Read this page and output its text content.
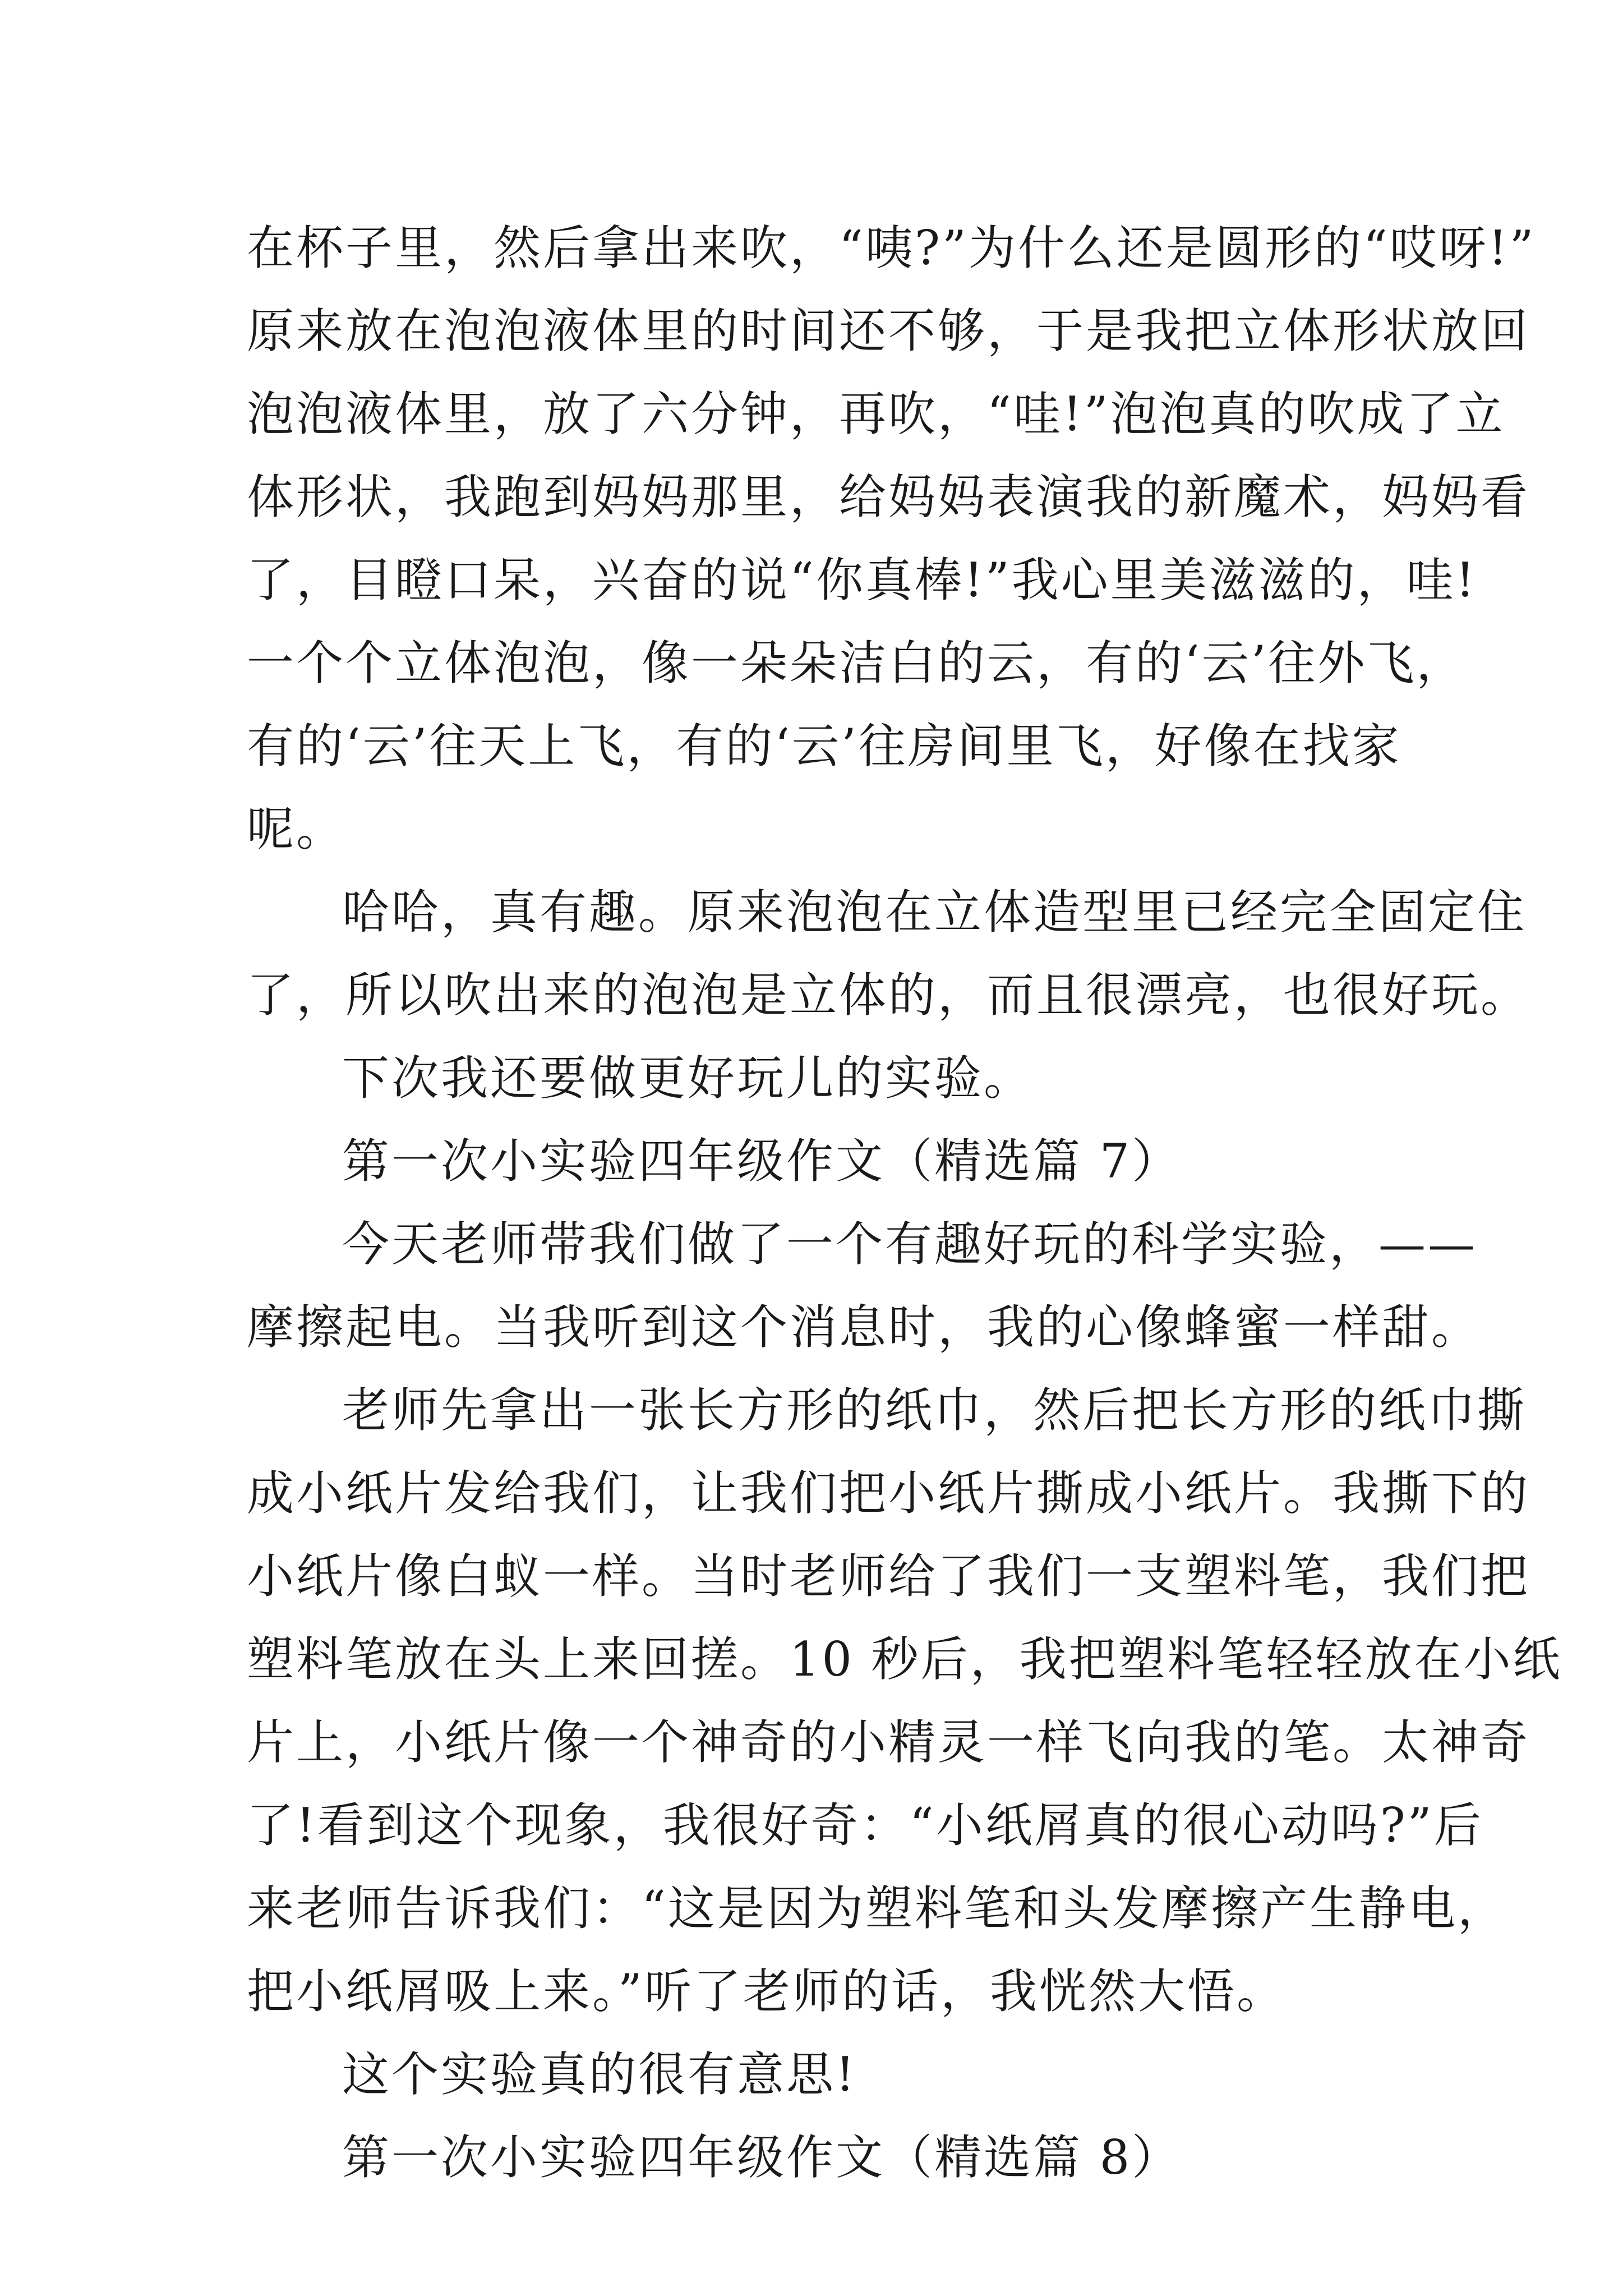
在杯子里，然后拿出来吹，“咦?”为什么还是圆形的“哎呀!”
原来放在泡泡液体里的时间还不够，于是我把立体形状放回
泡泡液体里，放了六分钟，再吹，“哇!”泡泡真的吹成了立
体形状，我跑到妈妈那里，给妈妈表演我的新魔术，妈妈看
了，目瞪口呆，兴奋的说“你真棒!”我心里美滋滋的，哇!
一个个立体泡泡，像一朵朵洁白的云，有的‘云’往外飞，
有的‘云’往天上飞，有的‘云’往房间里飞，好像在找家
呢。
哈哈，真有趣。原来泡泡在立体造型里已经完全固定住
了，所以吹出来的泡泡是立体的，而且很漂亮，也很好玩。
下次我还要做更好玩儿的实验。
第一次小实验四年级作文（精选篇 7）
今天老师带我们做了一个有趣好玩的科学实验，——
摩擦起电。当我听到这个消息时，我的心像蜂蜜一样甜。
老师先拿出一张长方形的纸巾，然后把长方形的纸巾撕
成小纸片发给我们，让我们把小纸片撕成小纸片。我撕下的
小纸片像白蚁一样。当时老师给了我们一支塑料笔，我们把
塑料笔放在头上来回搓。10 秒后，我把塑料笔轻轻放在小纸
片上，小纸片像一个神奇的小精灵一样飞向我的笔。太神奇
了!看到这个现象，我很好奇：“小纸屑真的很心动吗?”后
来老师告诉我们：“这是因为塑料笔和头发摩擦产生静电，
把小纸屑吸上来。”听了老师的话，我恍然大悟。
这个实验真的很有意思!
第一次小实验四年级作文（精选篇 8）
